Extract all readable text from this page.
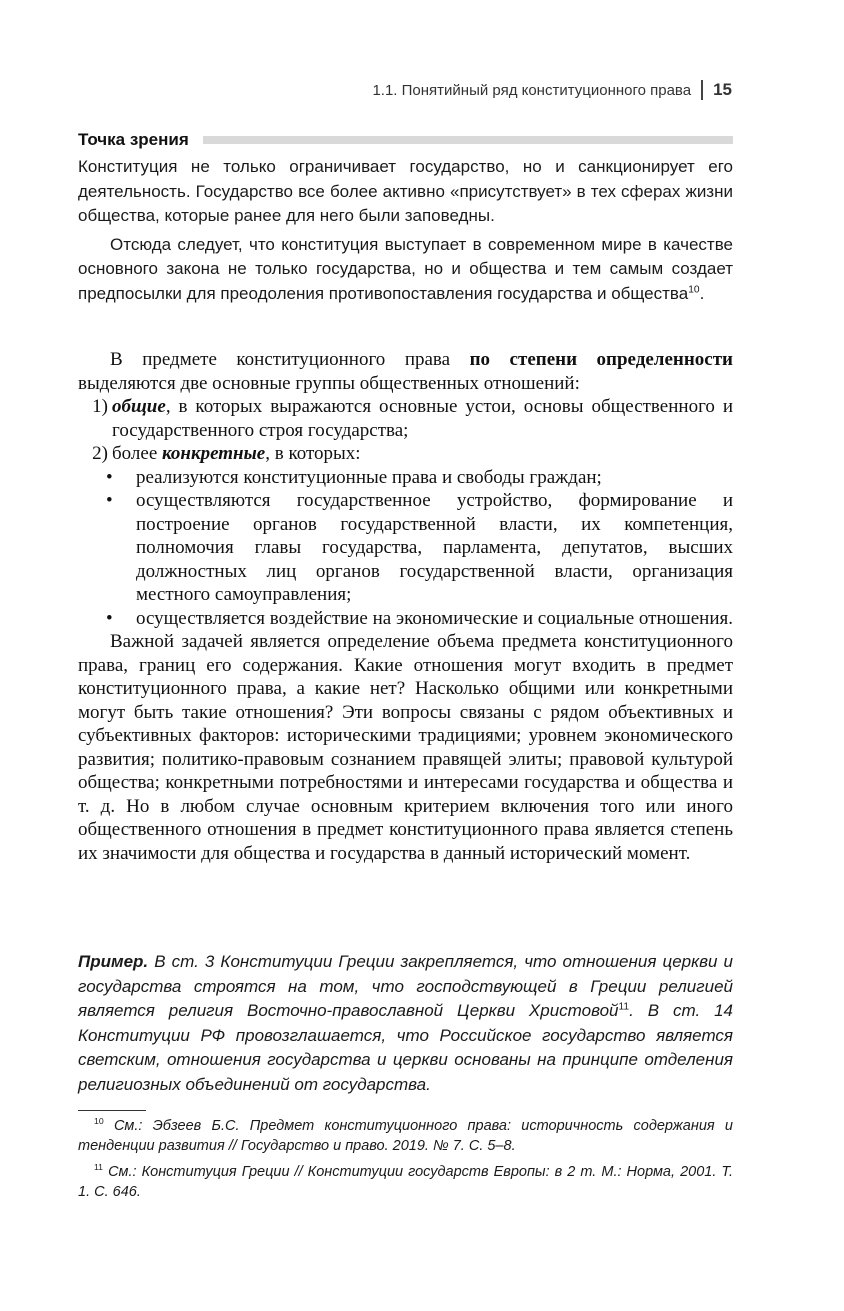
1.1. Понятийный ряд конституционного права 15
Точка зрения

Конституция не только ограничивает государство, но и санкционирует его деятельность. Государство все более активно «присутствует» в тех сферах жизни общества, которые ранее для него были заповедны.

Отсюда следует, что конституция выступает в современном мире в качестве основного закона не только государства, но и общества и тем самым создает предпосылки для преодоления противопоставления государства и общества$^{10}$.

В предмете конституционного права по степени определенности выделяются две основные группы общественных отношений:

1) общие, в которых выражаются основные устои, основы общественного и государственного строя государства;
2) более конкретные, в которых:
•	реализуются конституционные права и свободы граждан;
•	осуществляются государственное устройство, формирование и построение органов государственной власти, их компетенция, полномочия главы государства, парламента, депутатов, высших должностных лиц органов государственной власти, организация местного самоуправления;
•	осуществляется воздействие на экономические и социальные отношения.

Важной задачей является определение объема предмета конституционного права, границ его содержания. Какие отношения могут входить в предмет конституционного права, а какие нет? Насколько общими или конкретными могут быть такие отношения? Эти вопросы связаны с рядом объективных и субъективных факторов: историческими традициями; уровнем экономического развития; политико-правовым сознанием правящей элиты; правовой культурой общества; конкретными потребностями и интересами государства и общества и т. д. Но в любом случае основным критерием включения того или иного общественного отношения в предмет конституционного права является степень их значимости для общества и государства в данный исторический момент.

Пример. В ст. 3 Конституции Греции закрепляется, что отношения церкви и государства строятся на том, что господствующей в Греции религией является религия Восточно-православной Церкви Христовой$^{11}$. В ст. 14 Конституции РФ провозглашается, что Российское государство является светским, отношения государства и церкви основаны на принципе отделения религиозных объединений от государства.

$^{10}$ См.: Эбзеев Б.С. Предмет конституционного права: историчность содержания и тенденции развития // Государство и право. 2019. № 7. С. 5–8.

$^{11}$ См.: Конституция Греции // Конституции государств Европы: в 2 т. М.: Норма, 2001. Т. 1. С. 646.
